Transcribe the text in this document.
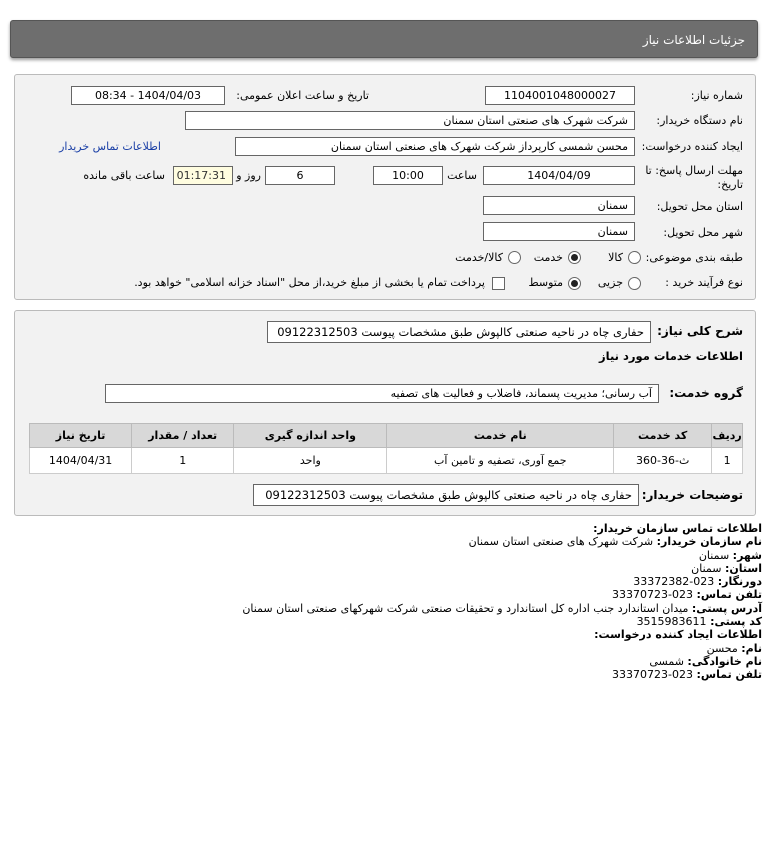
جزئیات اطلاعات نیاز
شماره نیاز:
1104001048000027
تاریخ و ساعت اعلان عمومی:
1404/04/03 - 08:34
نام دستگاه خریدار:
شرکت شهرک های صنعتی استان سمنان
ایجاد کننده درخواست:
محسن شمسی کارپرداز شرکت شهرک های صنعتی استان سمنان
اطلاعات تماس خریدار
مهلت ارسال پاسخ: تا
تاریخ:
1404/04/09
ساعت
10:00
6
روز و
01:17:31
ساعت باقی مانده
استان محل تحویل:
سمنان
شهر محل تحویل:
سمنان
طبقه بندی موضوعی:
کالا
خدمت
کالا/خدمت
نوع فرآیند خرید :
جزیی
متوسط
پرداخت تمام یا بخشی از مبلغ خرید،از محل "اسناد خزانه اسلامی" خواهد بود.
شرح کلی نیاز:
حفاری چاه در ناحیه صنعتی کالپوش طبق مشخصات پیوست 09122312503
اطلاعات خدمات مورد نیاز
گروه خدمت:
آب رسانی؛ مدیریت پسماند، فاضلاب و فعالیت های تصفیه
ردیف	کد خدمت	نام خدمت	واحد اندازه گیری	تعداد / مقدار	تاریخ نیاز
1	ث-36-360	جمع آوری، تصفیه و تامین آب	واحد	1	1404/04/31
توضیحات خریدار:
حفاری چاه در ناحیه صنعتی کالپوش طبق مشخصات پیوست 09122312503
اطلاعات تماس سازمان خریدار:
نام سازمان خریدار: شرکت شهرک های صنعتی استان سمنان
شهر: سمنان
استان: سمنان
دورنگار: 023-33372382
تلفن تماس: 023-33370723
آدرس پستی: میدان استاندارد جنب اداره کل استاندارد و تحقیقات صنعتی شرکت شهرکهای صنعتی استان سمنان
کد پستی: 3515983611
اطلاعات ایجاد کننده درخواست:
نام: محسن
نام خانوادگی: شمسی
تلفن تماس: 023-33370723
